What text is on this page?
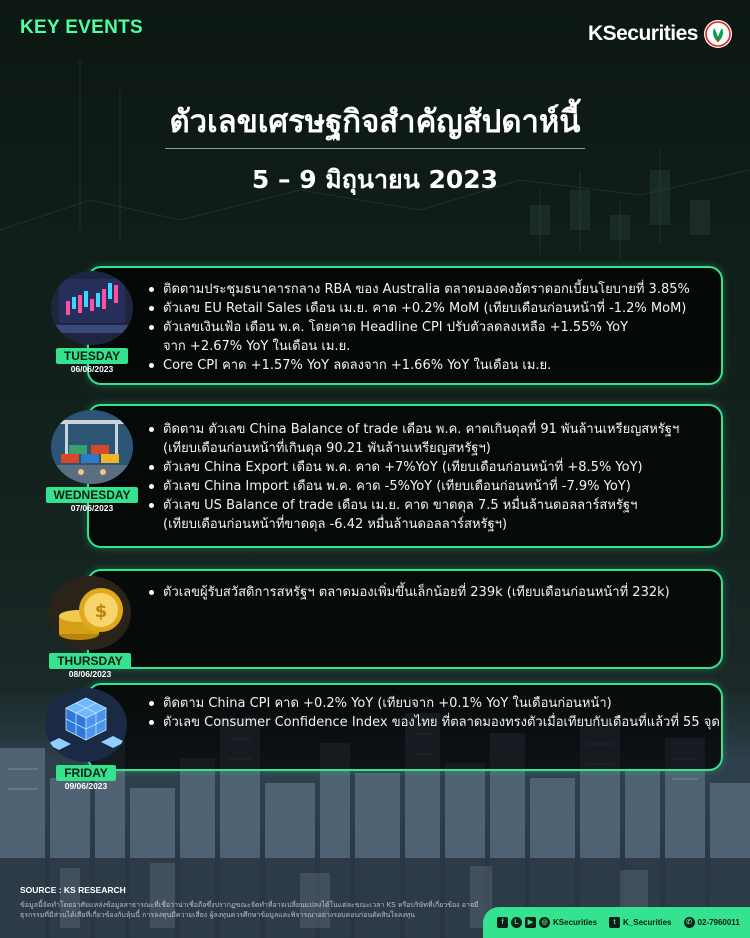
KEY EVENTS	KSecurities
ตัวเลขเศรษฐกิจสำคัญสัปดาห์นี้
5 – 9 มิถุนายน 2023
ติดตามประชุมธนาคารกลาง RBA ของ Australia ตลาดมองคงอัตราดอกเบี้ยนโยบายที่ 3.85%
ตัวเลข EU Retail Sales เดือน เม.ย. คาด +0.2% MoM (เทียบเดือนก่อนหน้าที่ -1.2% MoM)
ตัวเลขเงินเฟ้อ เดือน พ.ค. โดยคาด Headline CPI ปรับตัวลดลงเหลือ +1.55% YoY
จาก +2.67% YoY ในเดือน เม.ย.
Core CPI คาด +1.57% YoY ลดลงจาก +1.66% YoY ในเดือน เม.ย.
TUESDAY
06/06/2023
ติดตาม ตัวเลข China Balance of trade เดือน พ.ค. คาดเกินดุลที่ 91 พันล้านเหรียญสหรัฐฯ
(เทียบเดือนก่อนหน้าที่เกินดุล 90.21 พันล้านเหรียญสหรัฐฯ)
ตัวเลข China Export เดือน พ.ค. คาด +7%YoY (เทียบเดือนก่อนหน้าที่ +8.5% YoY)
ตัวเลข China Import เดือน พ.ค. คาด -5%YoY (เทียบเดือนก่อนหน้าที่ -7.9% YoY)
ตัวเลข US Balance of trade เดือน เม.ย. คาด ขาดดุล 7.5 หมื่นล้านดอลลาร์สหรัฐฯ
(เทียบเดือนก่อนหน้าที่ขาดดุล -6.42 หมื่นล้านดอลลาร์สหรัฐฯ)
WEDNESDAY
07/06/2023
ตัวเลขผู้รับสวัสดิการสหรัฐฯ ตลาดมองเพิ่มขึ้นเล็กน้อยที่ 239k (เทียบเดือนก่อนหน้าที่ 232k)
$
THURSDAY
08/06/2023
ติดตาม China CPI คาด +0.2% YoY (เทียบจาก +0.1% YoY ในเดือนก่อนหน้า)
ตัวเลข Consumer Confidence Index ของไทย ที่ตลาดมองทรงตัวเมื่อเทียบกับเดือนที่แล้วที่ 55 จุด
FRIDAY
09/06/2023
SOURCE : KS RESEARCH
ข้อมูลนี้จัดทำโดยอาศัยแหล่งข้อมูลสาธารณะที่เชื่อว่าน่าเชื่อถือซึ่งปรากฏขณะจัดทำที่อาจเปลี่ยนแปลงได้ในแต่ละขณะเวลา KS หรือบริษัทที่เกี่ยวข้อง อาจมีธุรกรรมที่มีส่วนได้เสียที่เกี่ยวข้องกับหุ้นนี้ การลงทุนมีความเสี่ยง ผู้ลงทุนควรศึกษาข้อมูลและพิจารณาอย่างรอบคอบก่อนตัดสินใจลงทุน
f	L	▶	◎ KSecurities	t K_Securities	✆ 02-7960011
